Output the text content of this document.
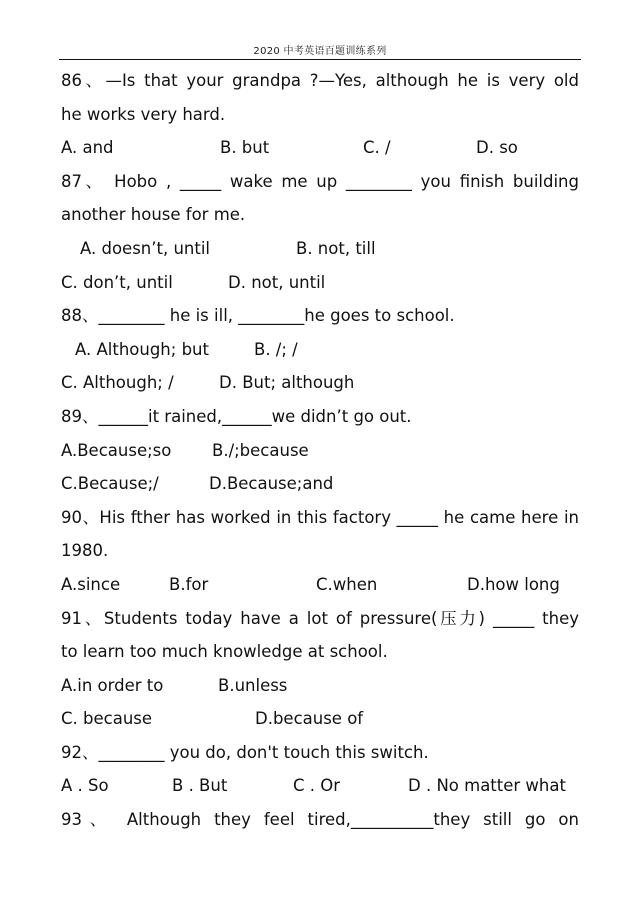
2020 中考英语百题训练系列
86、—Is that your grandpa ?—Yes, although he is very old
he works very hard.
A. and	B. but	C. /	D. so
87、 Hobo , _____ wake me up ________ you finish building
another house for me.
A. doesn’t, until	B. not, till
C. don’t, until	D. not, until
88、________ he is ill, ________he goes to school.
A. Although; but	B. /; /
C. Although; /	D. But; although
89、______it rained,______we didn’t go out.
A.Because;so B./;because
C.Because;/	D.Because;and
90、His fther has worked in this factory _____ he came here in
1980.
A.since	B.for	C.when	D.how long
91、Students today have a lot of pressure(压力) _____ they
to learn too much knowledge at school.
A.in order to	B.unless
C. because	D.because of
92、________ you do, don't touch this switch.
A . So	B . But	C . Or	D . No matter what
93、 Although they feel tired,__________they still go on
